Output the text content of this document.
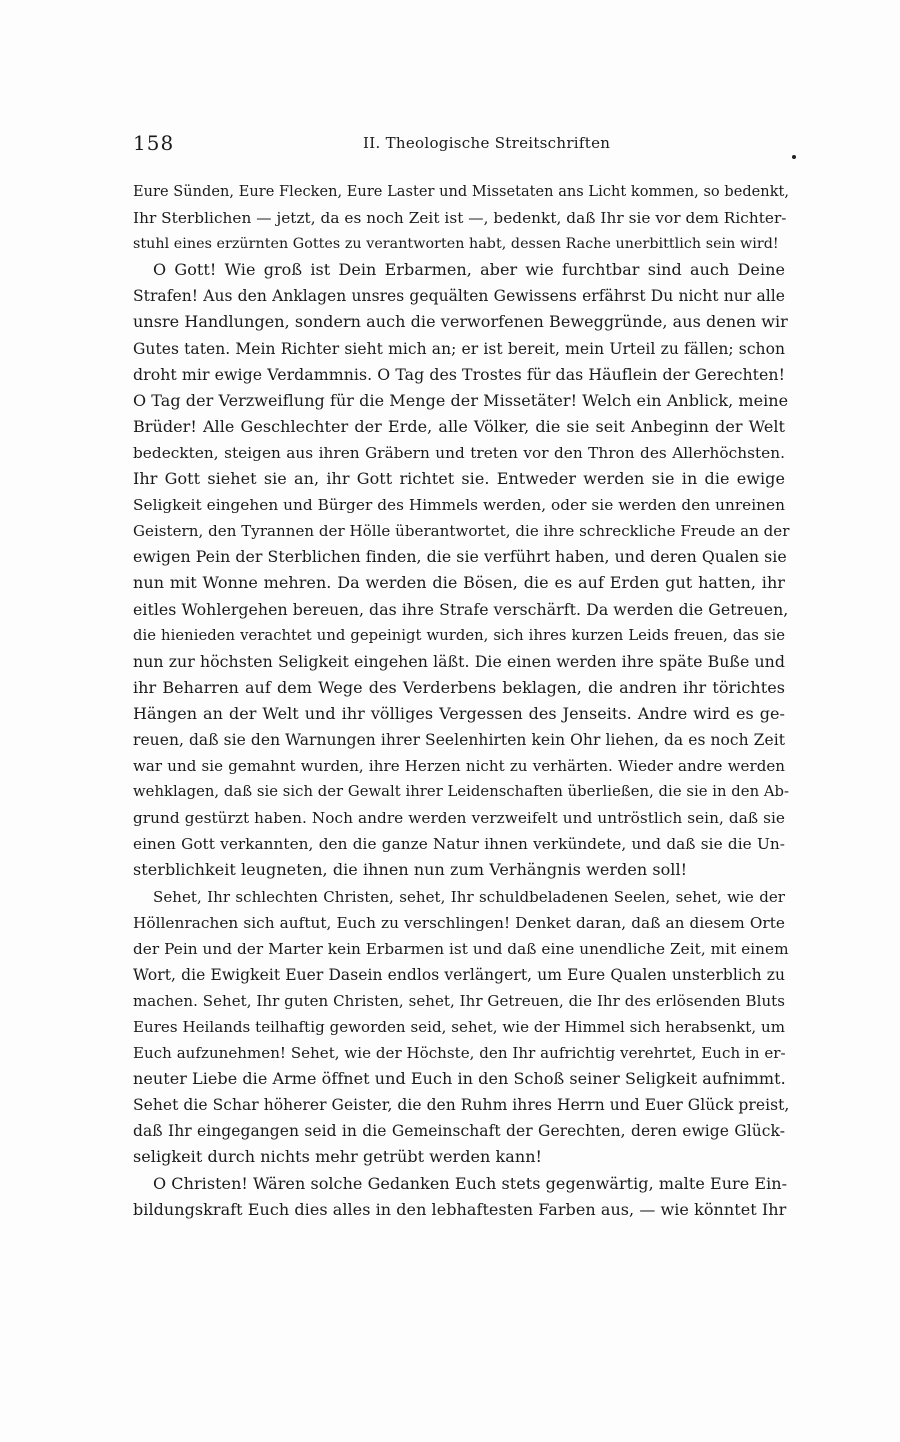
158	II. Theologische Streitschriften
Eure Sünden, Eure Flecken, Eure Laster und Missetaten ans Licht kommen, so bedenkt,
Ihr Sterblichen — jetzt, da es noch Zeit ist —, bedenkt, daß Ihr sie vor dem Richter-
stuhl eines erzürnten Gottes zu verantworten habt, dessen Rache unerbittlich sein wird!
O Gott! Wie groß ist Dein Erbarmen, aber wie furchtbar sind auch Deine
Strafen! Aus den Anklagen unsres gequälten Gewissens erfährst Du nicht nur alle
unsre Handlungen, sondern auch die verworfenen Beweggründe, aus denen wir
Gutes taten. Mein Richter sieht mich an; er ist bereit, mein Urteil zu fällen; schon
droht mir ewige Verdammnis. O Tag des Trostes für das Häuflein der Gerechten!
O Tag der Verzweiflung für die Menge der Missetäter! Welch ein Anblick, meine
Brüder! Alle Geschlechter der Erde, alle Völker, die sie seit Anbeginn der Welt
bedeckten, steigen aus ihren Gräbern und treten vor den Thron des Allerhöchsten.
Ihr Gott siehet sie an, ihr Gott richtet sie. Entweder werden sie in die ewige
Seligkeit eingehen und Bürger des Himmels werden, oder sie werden den unreinen
Geistern, den Tyrannen der Hölle überantwortet, die ihre schreckliche Freude an der
ewigen Pein der Sterblichen finden, die sie verführt haben, und deren Qualen sie
nun mit Wonne mehren. Da werden die Bösen, die es auf Erden gut hatten, ihr
eitles Wohlergehen bereuen, das ihre Strafe verschärft. Da werden die Getreuen,
die hienieden verachtet und gepeinigt wurden, sich ihres kurzen Leids freuen, das sie
nun zur höchsten Seligkeit eingehen läßt. Die einen werden ihre späte Buße und
ihr Beharren auf dem Wege des Verderbens beklagen, die andren ihr törichtes
Hängen an der Welt und ihr völliges Vergessen des Jenseits. Andre wird es ge-
reuen, daß sie den Warnungen ihrer Seelenhirten kein Ohr liehen, da es noch Zeit
war und sie gemahnt wurden, ihre Herzen nicht zu verhärten. Wieder andre werden
wehklagen, daß sie sich der Gewalt ihrer Leidenschaften überließen, die sie in den Ab-
grund gestürzt haben. Noch andre werden verzweifelt und untröstlich sein, daß sie
einen Gott verkannten, den die ganze Natur ihnen verkündete, und daß sie die Un-
sterblichkeit leugneten, die ihnen nun zum Verhängnis werden soll!
Sehet, Ihr schlechten Christen, sehet, Ihr schuldbeladenen Seelen, sehet, wie der
Höllenrachen sich auftut, Euch zu verschlingen! Denket daran, daß an diesem Orte
der Pein und der Marter kein Erbarmen ist und daß eine unendliche Zeit, mit einem
Wort, die Ewigkeit Euer Dasein endlos verlängert, um Eure Qualen unsterblich zu
machen. Sehet, Ihr guten Christen, sehet, Ihr Getreuen, die Ihr des erlösenden Bluts
Eures Heilands teilhaftig geworden seid, sehet, wie der Himmel sich herabsenkt, um
Euch aufzunehmen! Sehet, wie der Höchste, den Ihr aufrichtig verehrtet, Euch in er-
neuter Liebe die Arme öffnet und Euch in den Schoß seiner Seligkeit aufnimmt.
Sehet die Schar höherer Geister, die den Ruhm ihres Herrn und Euer Glück preist,
daß Ihr eingegangen seid in die Gemeinschaft der Gerechten, deren ewige Glück-
seligkeit durch nichts mehr getrübt werden kann!
O Christen! Wären solche Gedanken Euch stets gegenwärtig, malte Eure Ein-
bildungskraft Euch dies alles in den lebhaftesten Farben aus, — wie könntet Ihr
